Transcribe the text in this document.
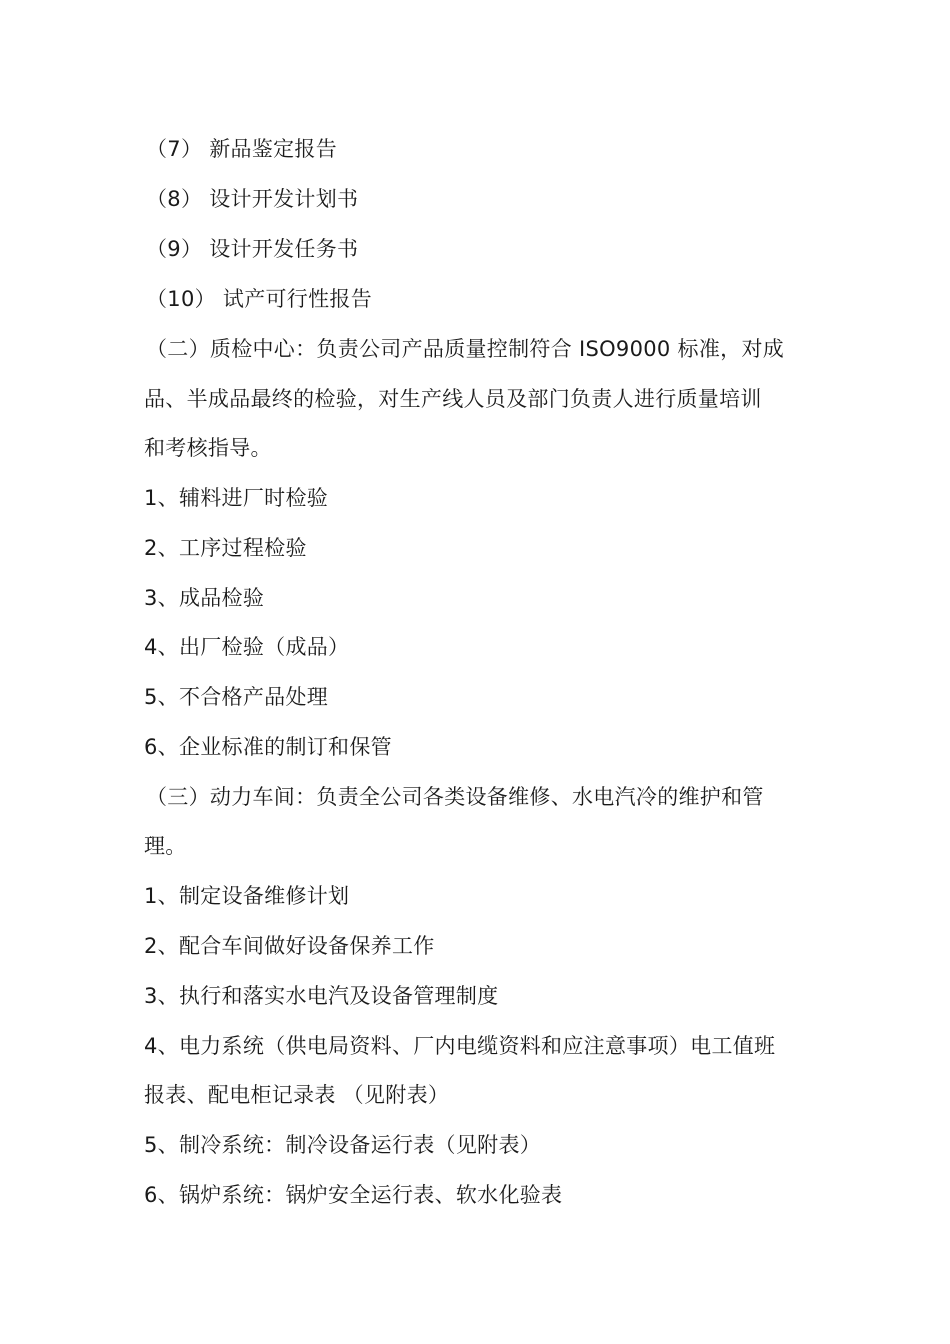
（7） 新品鉴定报告
（8） 设计开发计划书
（9） 设计开发任务书
（10） 试产可行性报告
（二）质检中心：负责公司产品质量控制符合 ISO9000 标准，对成
品、半成品最终的检验，对生产线人员及部门负责人进行质量培训
和考核指导。
1、辅料进厂时检验
2、工序过程检验
3、成品检验
4、出厂检验（成品）
5、不合格产品处理
6、企业标准的制订和保管
（三）动力车间：负责全公司各类设备维修、水电汽冷的维护和管
理。
1、制定设备维修计划
2、配合车间做好设备保养工作
3、执行和落实水电汽及设备管理制度
4、电力系统（供电局资料、厂内电缆资料和应注意事项）电工值班
报表、配电柜记录表 （见附表）
5、制冷系统：制冷设备运行表（见附表）
6、锅炉系统：锅炉安全运行表、软水化验表
